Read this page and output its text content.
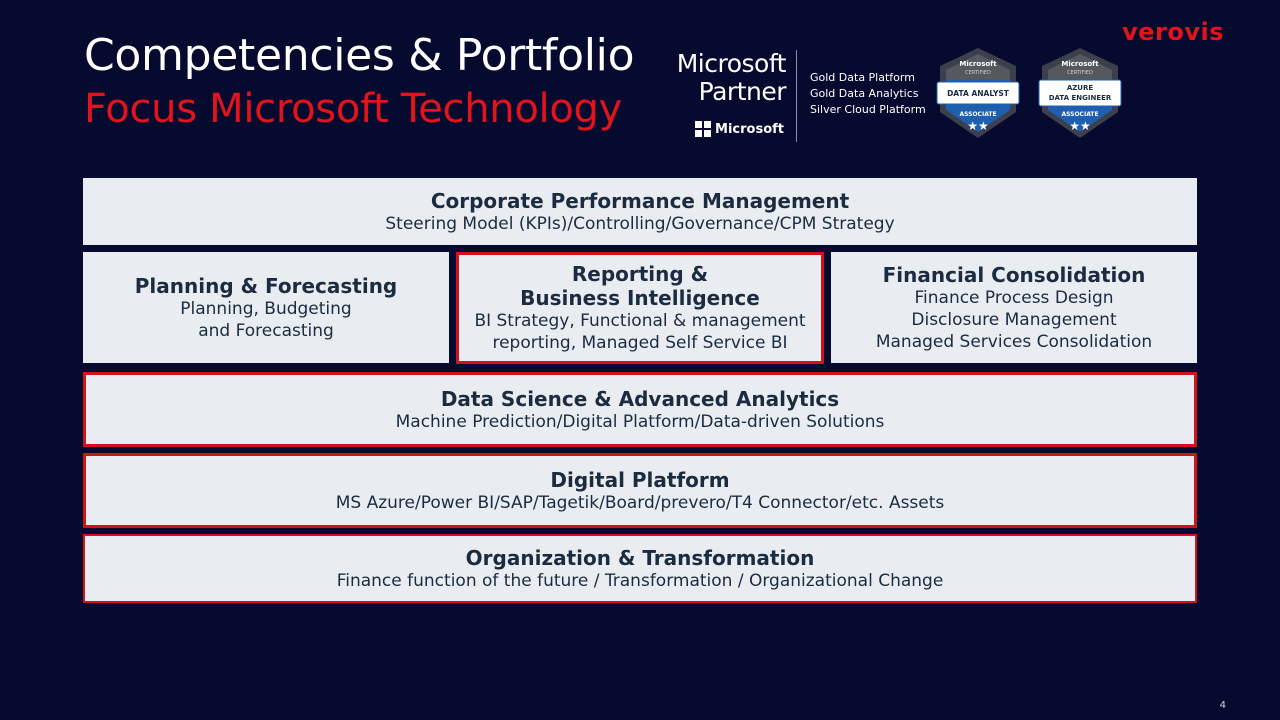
Competencies & Portfolio
Focus Microsoft Technology
verovis
Microsoft
Partner
Microsoft
Gold Data Platform
Gold Data Analytics
Silver Cloud Platform
Microsoft
CERTIFIED
DATA ANALYST
ASSOCIATE
★★
Microsoft
CERTIFIED
AZURE
DATA ENGINEER
ASSOCIATE
★★
Corporate Performance Management
Steering Model (KPIs)/Controlling/Governance/CPM Strategy
Planning & Forecasting
Planning, Budgeting
and Forecasting
Reporting &
Business Intelligence
BI Strategy, Functional & management
reporting, Managed Self Service BI
Financial Consolidation
Finance Process Design
Disclosure Management
Managed Services Consolidation
Data Science & Advanced Analytics
Machine Prediction/Digital Platform/Data-driven Solutions
Digital Platform
MS Azure/Power BI/SAP/Tagetik/Board/prevero/T4 Connector/etc. Assets
Organization & Transformation
Finance function of the future / Transformation / Organizational Change
4
